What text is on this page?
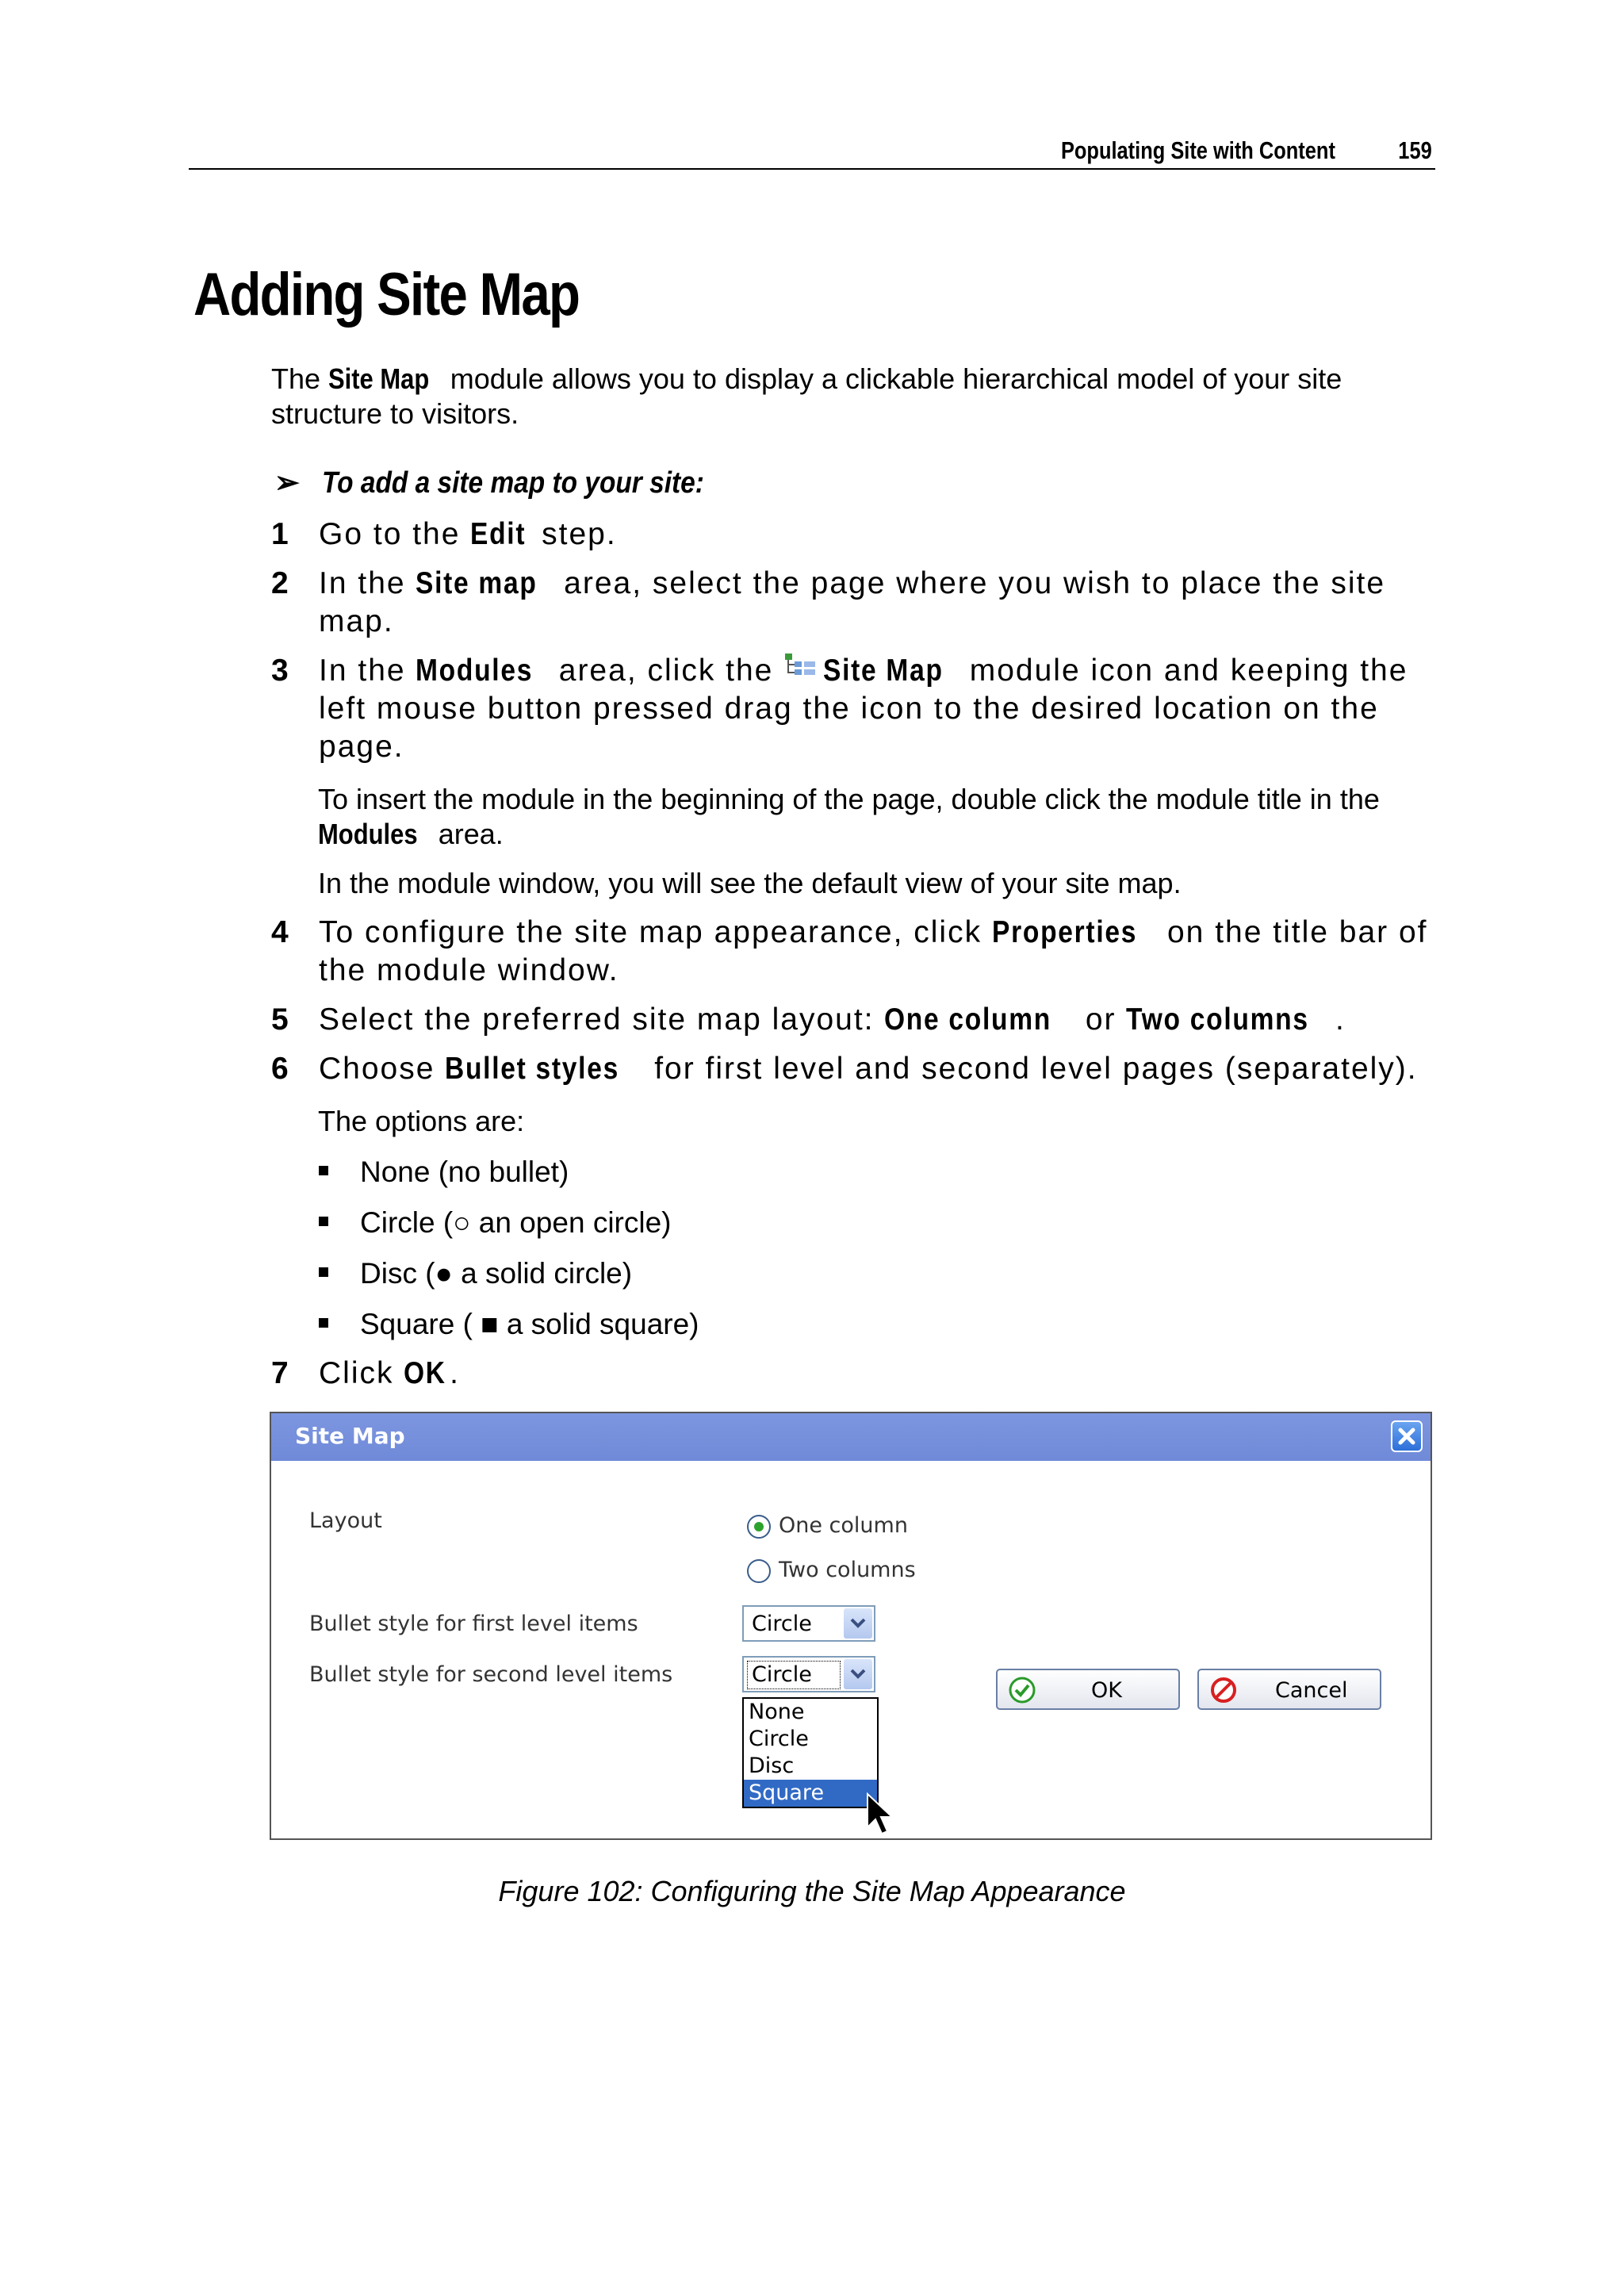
Populating Site with Content	159
Adding Site Map
The Site Map module allows you to display a clickable hierarchical model of your site structure to visitors.
➢ To add a site map to your site:
1 Go to the Edit step.
2 In the Site map area, select the page where you wish to place the site map.
3 In the Modules area, click the Site Map module icon and keeping the left mouse button pressed drag the icon to the desired location on the page.
To insert the module in the beginning of the page, double click the module title in the Modules area.
In the module window, you will see the default view of your site map.
4 To configure the site map appearance, click Properties on the title bar of the module window.
5 Select the preferred site map layout: One column or Two columns .
6 Choose Bullet styles for first level and second level pages (separately).
The options are:
None (no bullet)
Circle (○ an open circle)
Disc (● a solid circle)
Square ( ■ a solid square)
7 Click OK .
Site Map
Layout	One column
Two columns
Bullet style for first level items	Circle
Bullet style for second level items	Circle
None
Circle
Disc
Square
OK	Cancel
Figure 102: Configuring the Site Map Appearance
